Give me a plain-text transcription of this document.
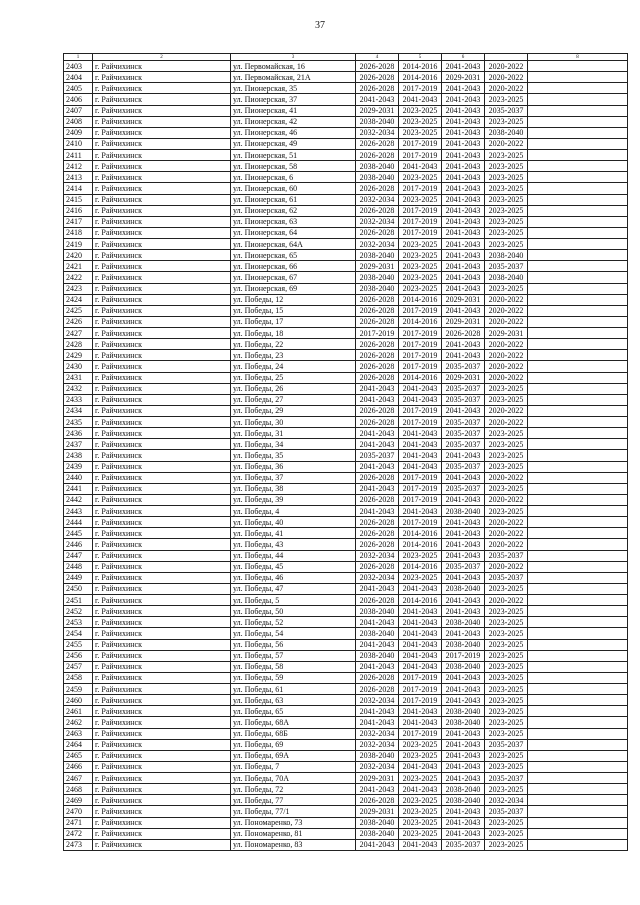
37
1	2	3	4	5	6		8
2403	г. Райчихинск	ул. Первомайская, 16	2026-2028	2014-2016	2041-2043	2020-2022	
2404	г. Райчихинск	ул. Первомайская, 21А	2026-2028	2014-2016	2029-2031	2020-2022	
2405	г. Райчихинск	ул. Пионерская, 35	2026-2028	2017-2019	2041-2043	2020-2022	
2406	г. Райчихинск	ул. Пионерская, 37	2041-2043	2041-2043	2041-2043	2023-2025	
2407	г. Райчихинск	ул. Пионерская, 41	2029-2031	2023-2025	2041-2043	2035-2037	
2408	г. Райчихинск	ул. Пионерская, 42	2038-2040	2023-2025	2041-2043	2023-2025	
2409	г. Райчихинск	ул. Пионерская, 46	2032-2034	2023-2025	2041-2043	2038-2040	
2410	г. Райчихинск	ул. Пионерская, 49	2026-2028	2017-2019	2041-2043	2020-2022	
2411	г. Райчихинск	ул. Пионерская, 51	2026-2028	2017-2019	2041-2043	2023-2025	
2412	г. Райчихинск	ул. Пионерская, 58	2038-2040	2041-2043	2041-2043	2023-2025	
2413	г. Райчихинск	ул. Пионерская, 6	2038-2040	2023-2025	2041-2043	2023-2025	
2414	г. Райчихинск	ул. Пионерская, 60	2026-2028	2017-2019	2041-2043	2023-2025	
2415	г. Райчихинск	ул. Пионерская, 61	2032-2034	2023-2025	2041-2043	2023-2025	
2416	г. Райчихинск	ул. Пионерская, 62	2026-2028	2017-2019	2041-2043	2023-2025	
2417	г. Райчихинск	ул. Пионерская, 63	2032-2034	2017-2019	2041-2043	2023-2025	
2418	г. Райчихинск	ул. Пионерская, 64	2026-2028	2017-2019	2041-2043	2023-2025	
2419	г. Райчихинск	ул. Пионерская, 64А	2032-2034	2023-2025	2041-2043	2023-2025	
2420	г. Райчихинск	ул. Пионерская, 65	2038-2040	2023-2025	2041-2043	2038-2040	
2421	г. Райчихинск	ул. Пионерская, 66	2029-2031	2023-2025	2041-2043	2035-2037	
2422	г. Райчихинск	ул. Пионерская, 67	2038-2040	2023-2025	2041-2043	2038-2040	
2423	г. Райчихинск	ул. Пионерская, 69	2038-2040	2023-2025	2041-2043	2023-2025	
2424	г. Райчихинск	ул. Победы, 12	2026-2028	2014-2016	2029-2031	2020-2022	
2425	г. Райчихинск	ул. Победы, 15	2026-2028	2017-2019	2041-2043	2020-2022	
2426	г. Райчихинск	ул. Победы, 17	2026-2028	2014-2016	2029-2031	2020-2022	
2427	г. Райчихинск	ул. Победы, 18	2017-2019	2017-2019	2026-2028	2029-2031	
2428	г. Райчихинск	ул. Победы, 22	2026-2028	2017-2019	2041-2043	2020-2022	
2429	г. Райчихинск	ул. Победы, 23	2026-2028	2017-2019	2041-2043	2020-2022	
2430	г. Райчихинск	ул. Победы, 24	2026-2028	2017-2019	2035-2037	2020-2022	
2431	г. Райчихинск	ул. Победы, 25	2026-2028	2014-2016	2029-2031	2020-2022	
2432	г. Райчихинск	ул. Победы, 26	2041-2043	2041-2043	2035-2037	2023-2025	
2433	г. Райчихинск	ул. Победы, 27	2041-2043	2041-2043	2035-2037	2023-2025	
2434	г. Райчихинск	ул. Победы, 29	2026-2028	2017-2019	2041-2043	2020-2022	
2435	г. Райчихинск	ул. Победы, 30	2026-2028	2017-2019	2035-2037	2020-2022	
2436	г. Райчихинск	ул. Победы, 31	2041-2043	2041-2043	2035-2037	2023-2025	
2437	г. Райчихинск	ул. Победы, 34	2041-2043	2041-2043	2035-2037	2023-2025	
2438	г. Райчихинск	ул. Победы, 35	2035-2037	2041-2043	2041-2043	2023-2025	
2439	г. Райчихинск	ул. Победы, 36	2041-2043	2041-2043	2035-2037	2023-2025	
2440	г. Райчихинск	ул. Победы, 37	2026-2028	2017-2019	2041-2043	2020-2022	
2441	г. Райчихинск	ул. Победы, 38	2041-2043	2017-2019	2035-2037	2023-2025	
2442	г. Райчихинск	ул. Победы, 39	2026-2028	2017-2019	2041-2043	2020-2022	
2443	г. Райчихинск	ул. Победы, 4	2041-2043	2041-2043	2038-2040	2023-2025	
2444	г. Райчихинск	ул. Победы, 40	2026-2028	2017-2019	2041-2043	2020-2022	
2445	г. Райчихинск	ул. Победы, 41	2026-2028	2014-2016	2041-2043	2020-2022	
2446	г. Райчихинск	ул. Победы, 43	2026-2028	2014-2016	2041-2043	2020-2022	
2447	г. Райчихинск	ул. Победы, 44	2032-2034	2023-2025	2041-2043	2035-2037	
2448	г. Райчихинск	ул. Победы, 45	2026-2028	2014-2016	2035-2037	2020-2022	
2449	г. Райчихинск	ул. Победы, 46	2032-2034	2023-2025	2041-2043	2035-2037	
2450	г. Райчихинск	ул. Победы, 47	2041-2043	2041-2043	2038-2040	2023-2025	
2451	г. Райчихинск	ул. Победы, 5	2026-2028	2014-2016	2041-2043	2020-2022	
2452	г. Райчихинск	ул. Победы, 50	2038-2040	2041-2043	2041-2043	2023-2025	
2453	г. Райчихинск	ул. Победы, 52	2041-2043	2041-2043	2038-2040	2023-2025	
2454	г. Райчихинск	ул. Победы, 54	2038-2040	2041-2043	2041-2043	2023-2025	
2455	г. Райчихинск	ул. Победы, 56	2041-2043	2041-2043	2038-2040	2023-2025	
2456	г. Райчихинск	ул. Победы, 57	2038-2040	2041-2043	2017-2019	2023-2025	
2457	г. Райчихинск	ул. Победы, 58	2041-2043	2041-2043	2038-2040	2023-2025	
2458	г. Райчихинск	ул. Победы, 59	2026-2028	2017-2019	2041-2043	2023-2025	
2459	г. Райчихинск	ул. Победы, 61	2026-2028	2017-2019	2041-2043	2023-2025	
2460	г. Райчихинск	ул. Победы, 63	2032-2034	2017-2019	2041-2043	2023-2025	
2461	г. Райчихинск	ул. Победы, 65	2041-2043	2041-2043	2038-2040	2023-2025	
2462	г. Райчихинск	ул. Победы, 68А	2041-2043	2041-2043	2038-2040	2023-2025	
2463	г. Райчихинск	ул. Победы, 68Б	2032-2034	2017-2019	2041-2043	2023-2025	
2464	г. Райчихинск	ул. Победы, 69	2032-2034	2023-2025	2041-2043	2035-2037	
2465	г. Райчихинск	ул. Победы, 69А	2038-2040	2023-2025	2041-2043	2023-2025	
2466	г. Райчихинск	ул. Победы, 7	2032-2034	2041-2043	2041-2043	2023-2025	
2467	г. Райчихинск	ул. Победы, 70А	2029-2031	2023-2025	2041-2043	2035-2037	
2468	г. Райчихинск	ул. Победы, 72	2041-2043	2041-2043	2038-2040	2023-2025	
2469	г. Райчихинск	ул. Победы, 77	2026-2028	2023-2025	2038-2040	2032-2034	
2470	г. Райчихинск	ул. Победы, 77/1	2029-2031	2023-2025	2041-2043	2035-2037	
2471	г. Райчихинск	ул. Пономаренко, 73	2038-2040	2023-2025	2041-2043	2023-2025	
2472	г. Райчихинск	ул. Пономаренко, 81	2038-2040	2023-2025	2041-2043	2023-2025	
2473	г. Райчихинск	ул. Пономаренко, 83	2041-2043	2041-2043	2035-2037	2023-2025	
